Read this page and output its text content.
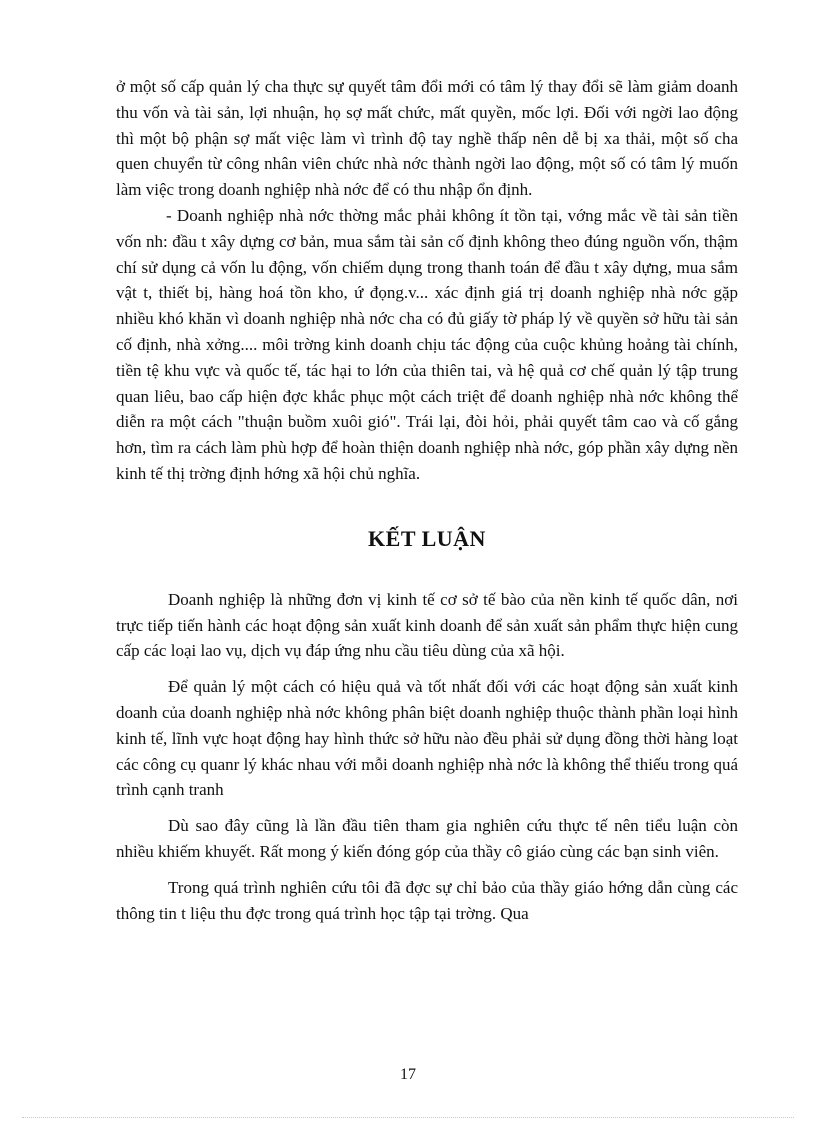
ở một số cấp quản lý cha thực sự quyết tâm đổi mới có tâm lý thay đổi sẽ làm giảm doanh thu vốn và tài sản, lợi nhuận, họ sợ mất chức, mất quyền, mốc lợi. Đối với ngời lao động thì một bộ phận sợ mất việc làm vì trình độ tay nghề thấp nên dễ bị xa thải, một số cha quen chuyển từ công nhân viên chức nhà nớc thành ngời lao động, một số có tâm lý muốn làm việc trong doanh nghiệp nhà nớc để có thu nhập ổn định.

- Doanh nghiệp nhà nớc thờng mắc phải không ít tồn tại, vớng mắc về tài sản tiền vốn nh: đầu t xây dựng cơ bản, mua sắm tài sản cố định không theo đúng nguồn vốn, thậm chí sử dụng cả vốn lu động, vốn chiếm dụng trong thanh toán để đầu t xây dựng, mua sắm vật t, thiết bị, hàng hoá tồn kho, ứ đọng.v... xác định giá trị doanh nghiệp nhà nớc gặp nhiều khó khăn vì doanh nghiệp nhà nớc cha có đủ giấy tờ pháp lý về quyền sở hữu tài sản cố định, nhà xởng.... môi trờng kinh doanh chịu tác động của cuộc khủng hoảng tài chính, tiền tệ khu vực và quốc tế, tác hại to lớn của thiên tai, và hệ quả cơ chế quản lý tập trung quan liêu, bao cấp hiện đợc khắc phục một cách triệt để doanh nghiệp nhà nớc không thể diễn ra một cách "thuận buồm xuôi gió". Trái lại, đòi hỏi, phải quyết tâm cao và cố gắng hơn, tìm ra cách làm phù hợp để hoàn thiện doanh nghiệp nhà nớc, góp phần xây dựng nền kinh tế thị trờng định hớng xã hội chủ nghĩa.

KẾT LUẬN

Doanh nghiệp là những đơn vị kinh tế cơ sở tế bào của nền kinh tế quốc dân, nơi trực tiếp tiến hành các hoạt động sản xuất kinh doanh để sản xuất sản phẩm thực hiện cung cấp các loại lao vụ, dịch vụ đáp ứng nhu cầu tiêu dùng của xã hội.

Để quản lý một cách có hiệu quả và tốt nhất đối với các hoạt động sản xuất kinh doanh của doanh nghiệp nhà nớc không phân biệt doanh nghiệp thuộc thành phần loại hình kinh tế, lĩnh vực hoạt động hay hình thức sở hữu nào đều phải sử dụng đồng thời hàng loạt các công cụ quanr lý khác nhau với mỗi doanh nghiệp nhà nớc là không thể thiếu trong quá trình cạnh tranh

Dù sao đây cũng là lần đầu tiên tham gia nghiên cứu thực tế nên tiểu luận còn nhiều khiếm khuyết. Rất mong ý kiến đóng góp của thầy cô giáo cùng các bạn sinh viên.

Trong quá trình nghiên cứu tôi đã đợc sự chỉ bảo của thầy giáo hớng dẫn cùng các thông tin t liệu thu đợc trong quá trình học tập tại trờng. Qua

17
